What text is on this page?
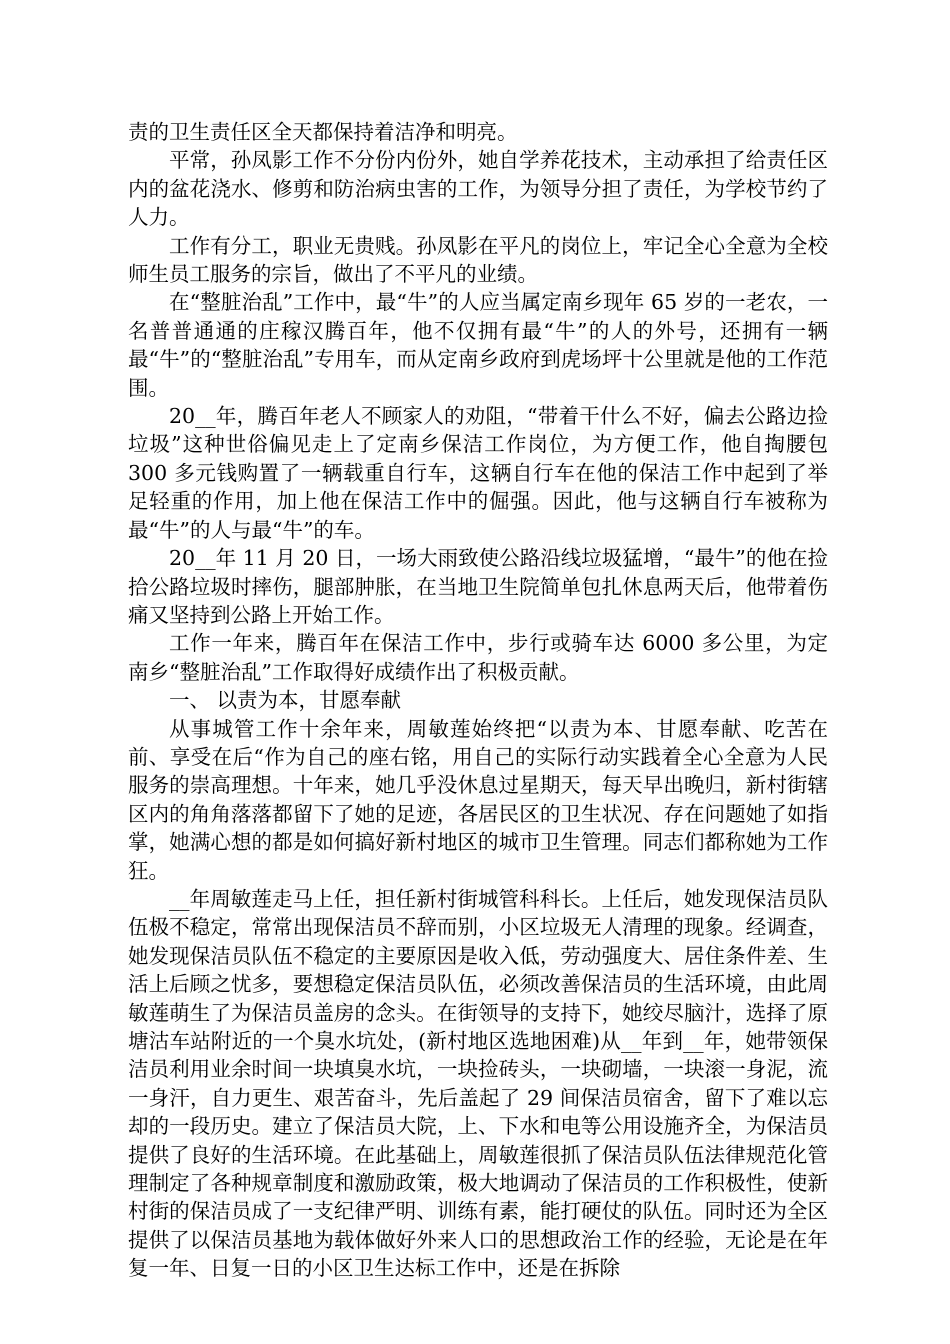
责的卫生责任区全天都保持着洁净和明亮。

平常，孙凤影工作不分份内份外，她自学养花技术，主动承担了给责任区内的盆花浇水、修剪和防治病虫害的工作，为领导分担了责任，为学校节约了人力。

工作有分工，职业无贵贱。孙凤影在平凡的岗位上，牢记全心全意为全校师生员工服务的宗旨，做出了不平凡的业绩。

在“整脏治乱”工作中，最“牛”的人应当属定南乡现年 65 岁的一老农，一名普普通通的庄稼汉腾百年，他不仅拥有最“牛”的人的外号，还拥有一辆最“牛”的“整脏治乱”专用车，而从定南乡政府到虎场坪十公里就是他的工作范围。

20__年，腾百年老人不顾家人的劝阻，“带着干什么不好，偏去公路边捡垃圾”这种世俗偏见走上了定南乡保洁工作岗位，为方便工作，他自掏腰包 300 多元钱购置了一辆载重自行车，这辆自行车在他的保洁工作中起到了举足轻重的作用，加上他在保洁工作中的倔强。因此，他与这辆自行车被称为最“牛”的人与最“牛”的车。

20__年 11 月 20 日，一场大雨致使公路沿线垃圾猛增，“最牛”的他在捡拾公路垃圾时摔伤，腿部肿胀，在当地卫生院简单包扎休息两天后，他带着伤痛又坚持到公路上开始工作。

工作一年来，腾百年在保洁工作中，步行或骑车达 6000 多公里，为定南乡“整脏治乱”工作取得好成绩作出了积极贡献。

一、 以责为本，甘愿奉献

从事城管工作十余年来，周敏莲始终把“以责为本、甘愿奉献、吃苦在前、享受在后“作为自己的座右铭，用自己的实际行动实践着全心全意为人民服务的崇高理想。十年来，她几乎没休息过星期天，每天早出晚归，新村街辖区内的角角落落都留下了她的足迹，各居民区的卫生状况、存在问题她了如指掌，她满心想的都是如何搞好新村地区的城市卫生管理。同志们都称她为工作狂。

__年周敏莲走马上任，担任新村街城管科科长。上任后，她发现保洁员队伍极不稳定，常常出现保洁员不辞而别，小区垃圾无人清理的现象。经调查，她发现保洁员队伍不稳定的主要原因是收入低，劳动强度大、居住条件差、生活上后顾之忧多，要想稳定保洁员队伍，必须改善保洁员的生活环境，由此周敏莲萌生了为保洁员盖房的念头。在街领导的支持下，她绞尽脑汁，选择了原塘沽车站附近的一个臭水坑处，(新村地区选地困难)从__年到__年，她带领保洁员利用业余时间一块填臭水坑，一块捡砖头，一块砌墙，一块滚一身泥，流一身汗，自力更生、艰苦奋斗，先后盖起了 29 间保洁员宿舍，留下了难以忘却的一段历史。建立了保洁员大院，上、下水和电等公用设施齐全，为保洁员提供了良好的生活环境。在此基础上，周敏莲很抓了保洁员队伍法律规范化管理制定了各种规章制度和激励政策，极大地调动了保洁员的工作积极性，使新村街的保洁员成了一支纪律严明、训练有素，能打硬仗的队伍。同时还为全区提供了以保洁员基地为载体做好外来人口的思想政治工作的经验，无论是在年复一年、日复一日的小区卫生达标工作中，还是在拆除
